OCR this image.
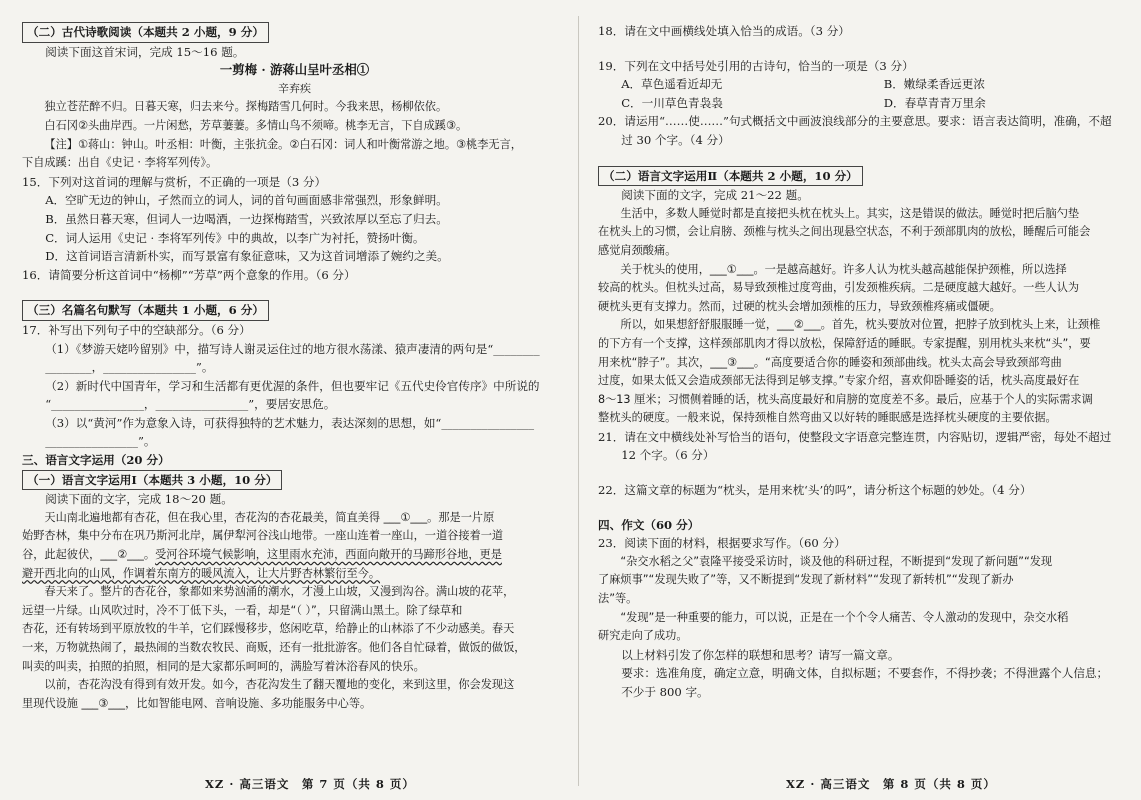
（二）古代诗歌阅读（本题共 2 小题，9 分）

阅读下面这首宋词，完成 15～16 题。

一剪梅 · 游蒋山呈叶丞相①

辛弃疾

独立苍茫醉不归。日暮天寒，归去来兮。探梅踏雪几何时。今我来思，杨柳依依。

白石冈②头曲岸西。一片闲愁，芳草萋萋。多情山鸟不须啼。桃李无言，下自成蹊③。

【注】①蒋山：钟山。叶丞相：叶衡，主张抗金。②白石冈：词人和叶衡常游之地。③桃李无言，

下自成蹊：出自《史记 · 李将军列传》。

15．下列对这首词的理解与赏析，不正确的一项是（3 分）

A．空旷无边的钟山，孑然而立的词人，词的首句画面感非常强烈，形象鲜明。

B．虽然日暮天寒，但词人一边喝酒，一边探梅踏雪，兴致浓厚以至忘了归去。

C．词人运用《史记 · 李将军列传》中的典故，以李广为衬托，赞扬叶衡。

D．这首词语言清新朴实，而写景富有象征意味，又为这首词增添了婉约之美。

16．请简要分析这首词中“杨柳”“芳草”两个意象的作用。（6 分）

（三）名篇名句默写（本题共 1 小题，6 分）

17．补写出下列句子中的空缺部分。（6 分）

（1）《梦游天姥吟留别》中，描写诗人谢灵运住过的地方很水荡漾、猿声凄清的两句是“________

________，________________”。

（2）新时代中国青年，学习和生活都有更优渥的条件，但也要牢记《五代史伶官传序》中所说的

“________________，________________”，要居安思危。

（3）以“黄河”作为意象入诗，可获得独特的艺术魅力，表达深刻的思想，如“________________

________________”。

三、语言文字运用（20 分）

（一）语言文字运用Ⅰ（本题共 3 小题，10 分）

阅读下面的文字，完成 18～20 题。

天山南北遍地都有杏花，但在我心里，杏花沟的杏花最美，简直美得 ___①___。那是一片原

始野杏林，集中分布在巩乃斯河北岸，属伊犁河谷浅山地带。一座山连着一座山，一道谷接着一道

谷，此起彼伏，___②___。受河谷环境气候影响，这里雨水充沛，西面向敞开的马蹄形谷地，更是

避开西北向的山风，作调着东南方的暖风流入，让大片野杏林繁衍至今。

春天来了。整片的杏花谷，象都如来势汹涌的潮水，才漫上山坡，又漫到沟谷。满山坡的花苹，

远望一片绿。山风吹过时，冷不丁低下头，一看，却是“（ ）”，只留满山黑土。除了绿草和

杏花，还有转场到平原放牧的牛羊，它们踩慢移步，悠闲吃草，给静止的山林添了不少动感美。春天

一来，万物就热闹了，最热闹的当数农牧民、商贩，还有一批批游客。他们各自忙碌着，做饭的做饭，

叫卖的叫卖，拍照的拍照，相同的是大家都乐呵呵的，满脸写着沐浴春风的快乐。

以前，杏花沟没有得到有效开发。如今，杏花沟发生了翻天覆地的变化，来到这里，你会发现这

里现代设施 ___③___，比如智能电网、音响设施、多功能服务中心等。

18．请在文中画横线处填入恰当的成语。（3 分）

19．下列在文中括号处引用的古诗句，恰当的一项是（3 分）

A．草色遥看近却无	B．嫩绿柔香远更浓

C．一川草色青袅袅	D．春草青青万里余

20．请运用“……使……”句式概括文中画波浪线部分的主要意思。要求：语言表达简明，准确，不超

过 30 个字。（4 分）

（二）语言文字运用Ⅱ（本题共 2 小题，10 分）

阅读下面的文字，完成 21～22 题。

生活中，多数人睡觉时都是直接把头枕在枕头上。其实，这是错误的做法。睡觉时把后脑勺垫

在枕头上的习惯，会让肩膀、颈椎与枕头之间出现悬空状态，不利于颈部肌肉的放松，睡醒后可能会

感觉肩颈酸痛。

关于枕头的使用，___①___。一是越高越好。许多人认为枕头越高越能保护颈椎，所以选择

较高的枕头。但枕头过高，易导致颈椎过度弯曲，引发颈椎疾病。二是硬度越大越好。一些人认为

硬枕头更有支撑力。然而，过硬的枕头会增加颈椎的压力，导致颈椎疼痛或僵硬。

所以，如果想舒舒服服睡一觉，___②___。首先，枕头要放对位置，把脖子放到枕头上来，让颈椎

的下方有一个支撑，这样颈部肌肉才得以放松，保障舒适的睡眠。专家提醒，别用枕头来枕“头”，要

用来枕“脖子”。其次，___③___。“高度要适合你的睡姿和颈部曲线。枕头太高会导致颈部弯曲

过度，如果太低又会造成颈部无法得到足够支撑。”专家介绍，喜欢仰卧睡姿的话，枕头高度最好在

8～13 厘米；习惯侧着睡的话，枕头高度最好和肩膀的宽度差不多。最后，应基于个人的实际需求调

整枕头的硬度。一般来说，保持颈椎自然弯曲又以好转的睡眠感是选择枕头硬度的主要依据。

21．请在文中横线处补写恰当的语句，使整段文字语意完整连贯，内容贴切，逻辑严密，每处不超过

12 个字。（6 分）

22．这篇文章的标题为“枕头，是用来枕‘头’的吗”，请分析这个标题的妙处。（4 分）

四、作文（60 分）

23．阅读下面的材料，根据要求写作。（60 分）

“杂交水稻之父”袁隆平接受采访时，谈及他的科研过程，不断提到“发现了新问题”“发现

了麻烦事”“发现失败了”等，又不断提到“发现了新材料”“发现了新转机”“发现了新办

法”等。

“发现”是一种重要的能力，可以说，正是在一个个令人痛苦、令人激动的发现中，杂交水稻

研究走向了成功。

以上材料引发了你怎样的联想和思考？请写一篇文章。

要求：选准角度，确定立意，明确文体，自拟标题；不要套作，不得抄袭；不得泄露个人信息；

不少于 800 字。

XZ · 高三语文　第 7 页（共 8 页）	XZ · 高三语文　第 8 页（共 8 页）
